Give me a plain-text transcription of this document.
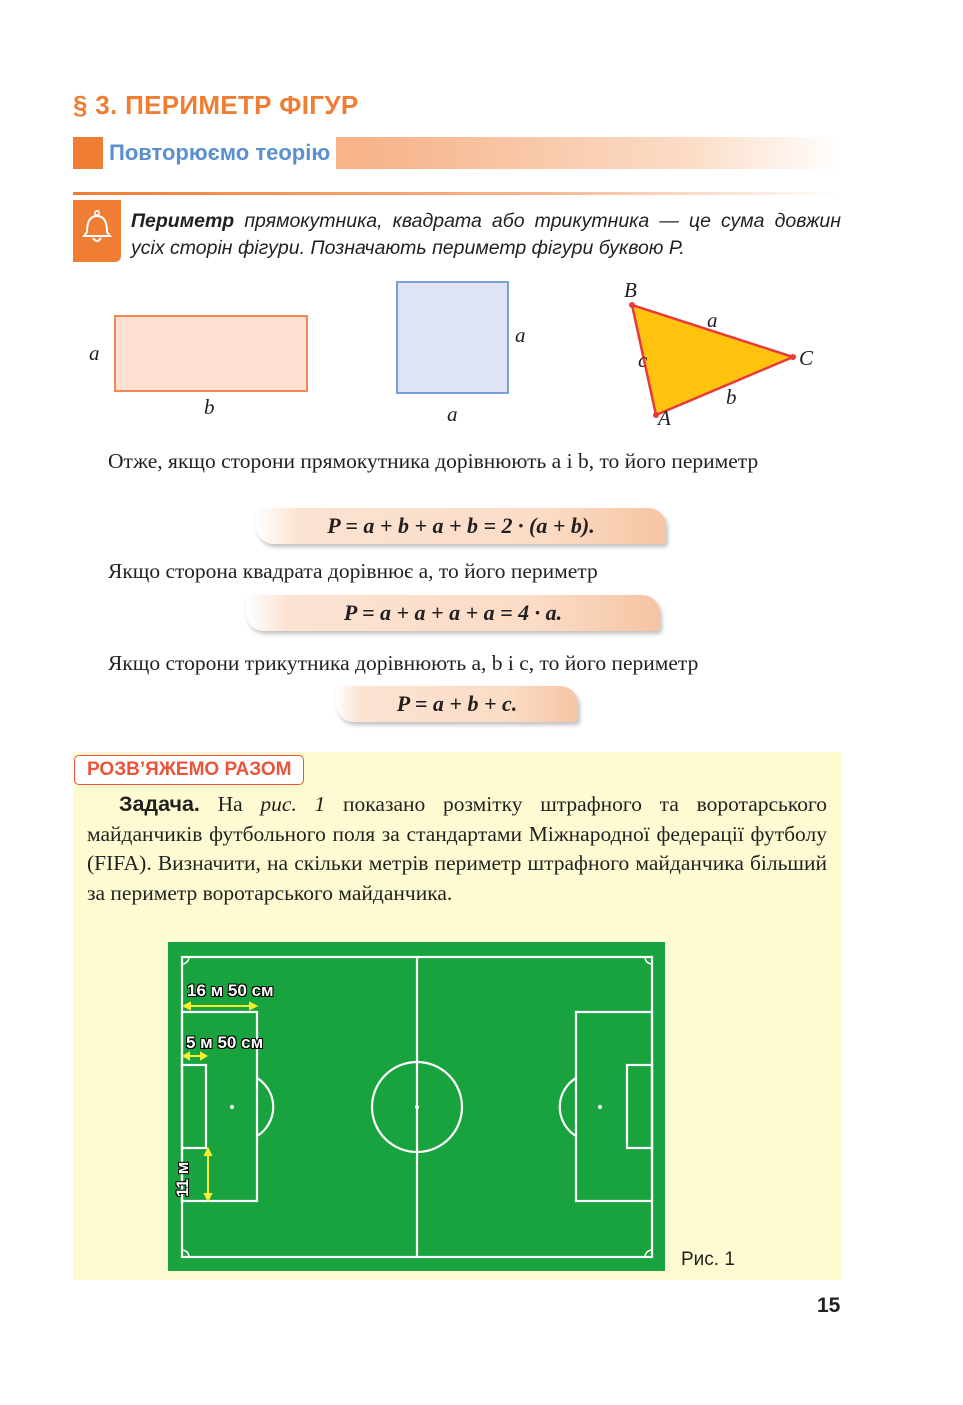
§ 3. ПЕРИМЕТР ФІГУР
Повторюємо теорію
Периметр прямокутника, квадрата або трикутника — це сума довжин усіх сторін фігури. Позначають периметр фігури буквою P.
a
b
a
a
B
a
c	C
b
A
Отже, якщо сторони прямокутника дорівнюють a і b, то його периметр
P = a + b + a + b = 2 · (a + b).
Якщо сторона квадрата дорівнює a, то його периметр
P = a + a + a + a = 4 · a.
Якщо сторони трикутника дорівнюють a, b і c, то його периметр
P = a + b + c.
РОЗВ’ЯЖЕМО РАЗОМ
Задача. На рис. 1 показано розмітку штрафного та воротарського майданчиків футбольного поля за стандартами Міжнародної федерації футболу (FIFA). Визначити, на скільки метрів периметр штрафного майданчика більший за периметр воротарського майданчика.
16 м 50 см
5 м 50 см
11 м
Рис. 1
15
